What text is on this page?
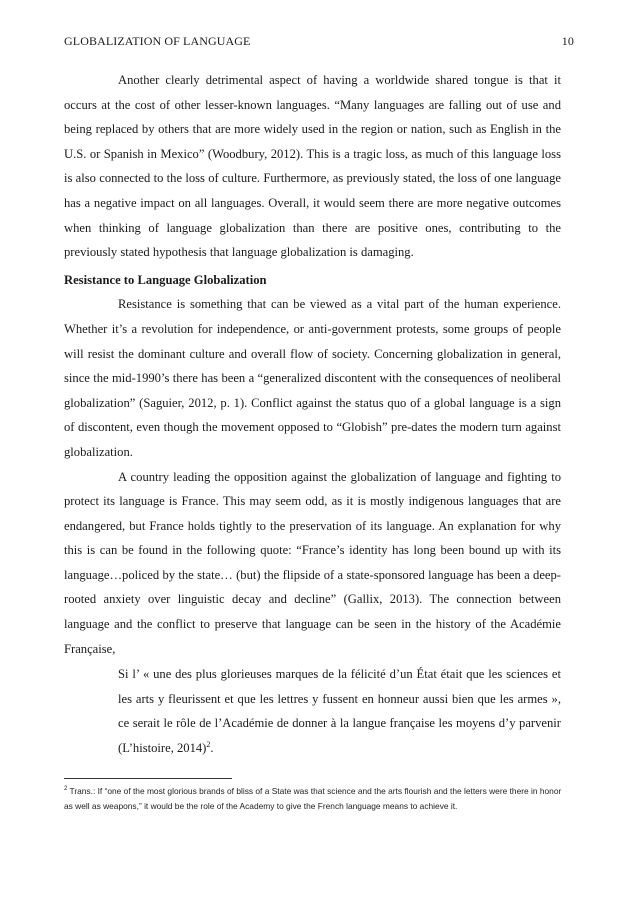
GLOBALIZATION OF LANGUAGE	10

Another clearly detrimental aspect of having a worldwide shared tongue is that it occurs at the cost of other lesser-known languages. “Many languages are falling out of use and being replaced by others that are more widely used in the region or nation, such as English in the U.S. or Spanish in Mexico” (Woodbury, 2012). This is a tragic loss, as much of this language loss is also connected to the loss of culture. Furthermore, as previously stated, the loss of one language has a negative impact on all languages. Overall, it would seem there are more negative outcomes when thinking of language globalization than there are positive ones, contributing to the previously stated hypothesis that language globalization is damaging.

Resistance to Language Globalization

Resistance is something that can be viewed as a vital part of the human experience. Whether it’s a revolution for independence, or anti-government protests, some groups of people will resist the dominant culture and overall flow of society. Concerning globalization in general, since the mid-1990’s there has been a “generalized discontent with the consequences of neoliberal globalization” (Saguier, 2012, p. 1). Conflict against the status quo of a global language is a sign of discontent, even though the movement opposed to “Globish” pre-dates the modern turn against globalization.

A country leading the opposition against the globalization of language and fighting to protect its language is France. This may seem odd, as it is mostly indigenous languages that are endangered, but France holds tightly to the preservation of its language. An explanation for why this is can be found in the following quote: “France’s identity has long been bound up with its language…policed by the state… (but) the flipside of a state-sponsored language has been a deep-rooted anxiety over linguistic decay and decline” (Gallix, 2013). The connection between language and the conflict to preserve that language can be seen in the history of the Académie Française,

Si l’ « une des plus glorieuses marques de la félicité d’un État était que les sciences et les arts y fleurissent et que les lettres y fussent en honneur aussi bien que les armes », ce serait le rôle de l’Académie de donner à la langue française les moyens d’y parvenir (L’histoire, 2014)$^2$.
$^2$ Trans.: If “one of the most glorious brands of bliss of a State was that science and the arts flourish and the letters were there in honor as well as weapons,” it would be the role of the Academy to give the French language means to achieve it.
